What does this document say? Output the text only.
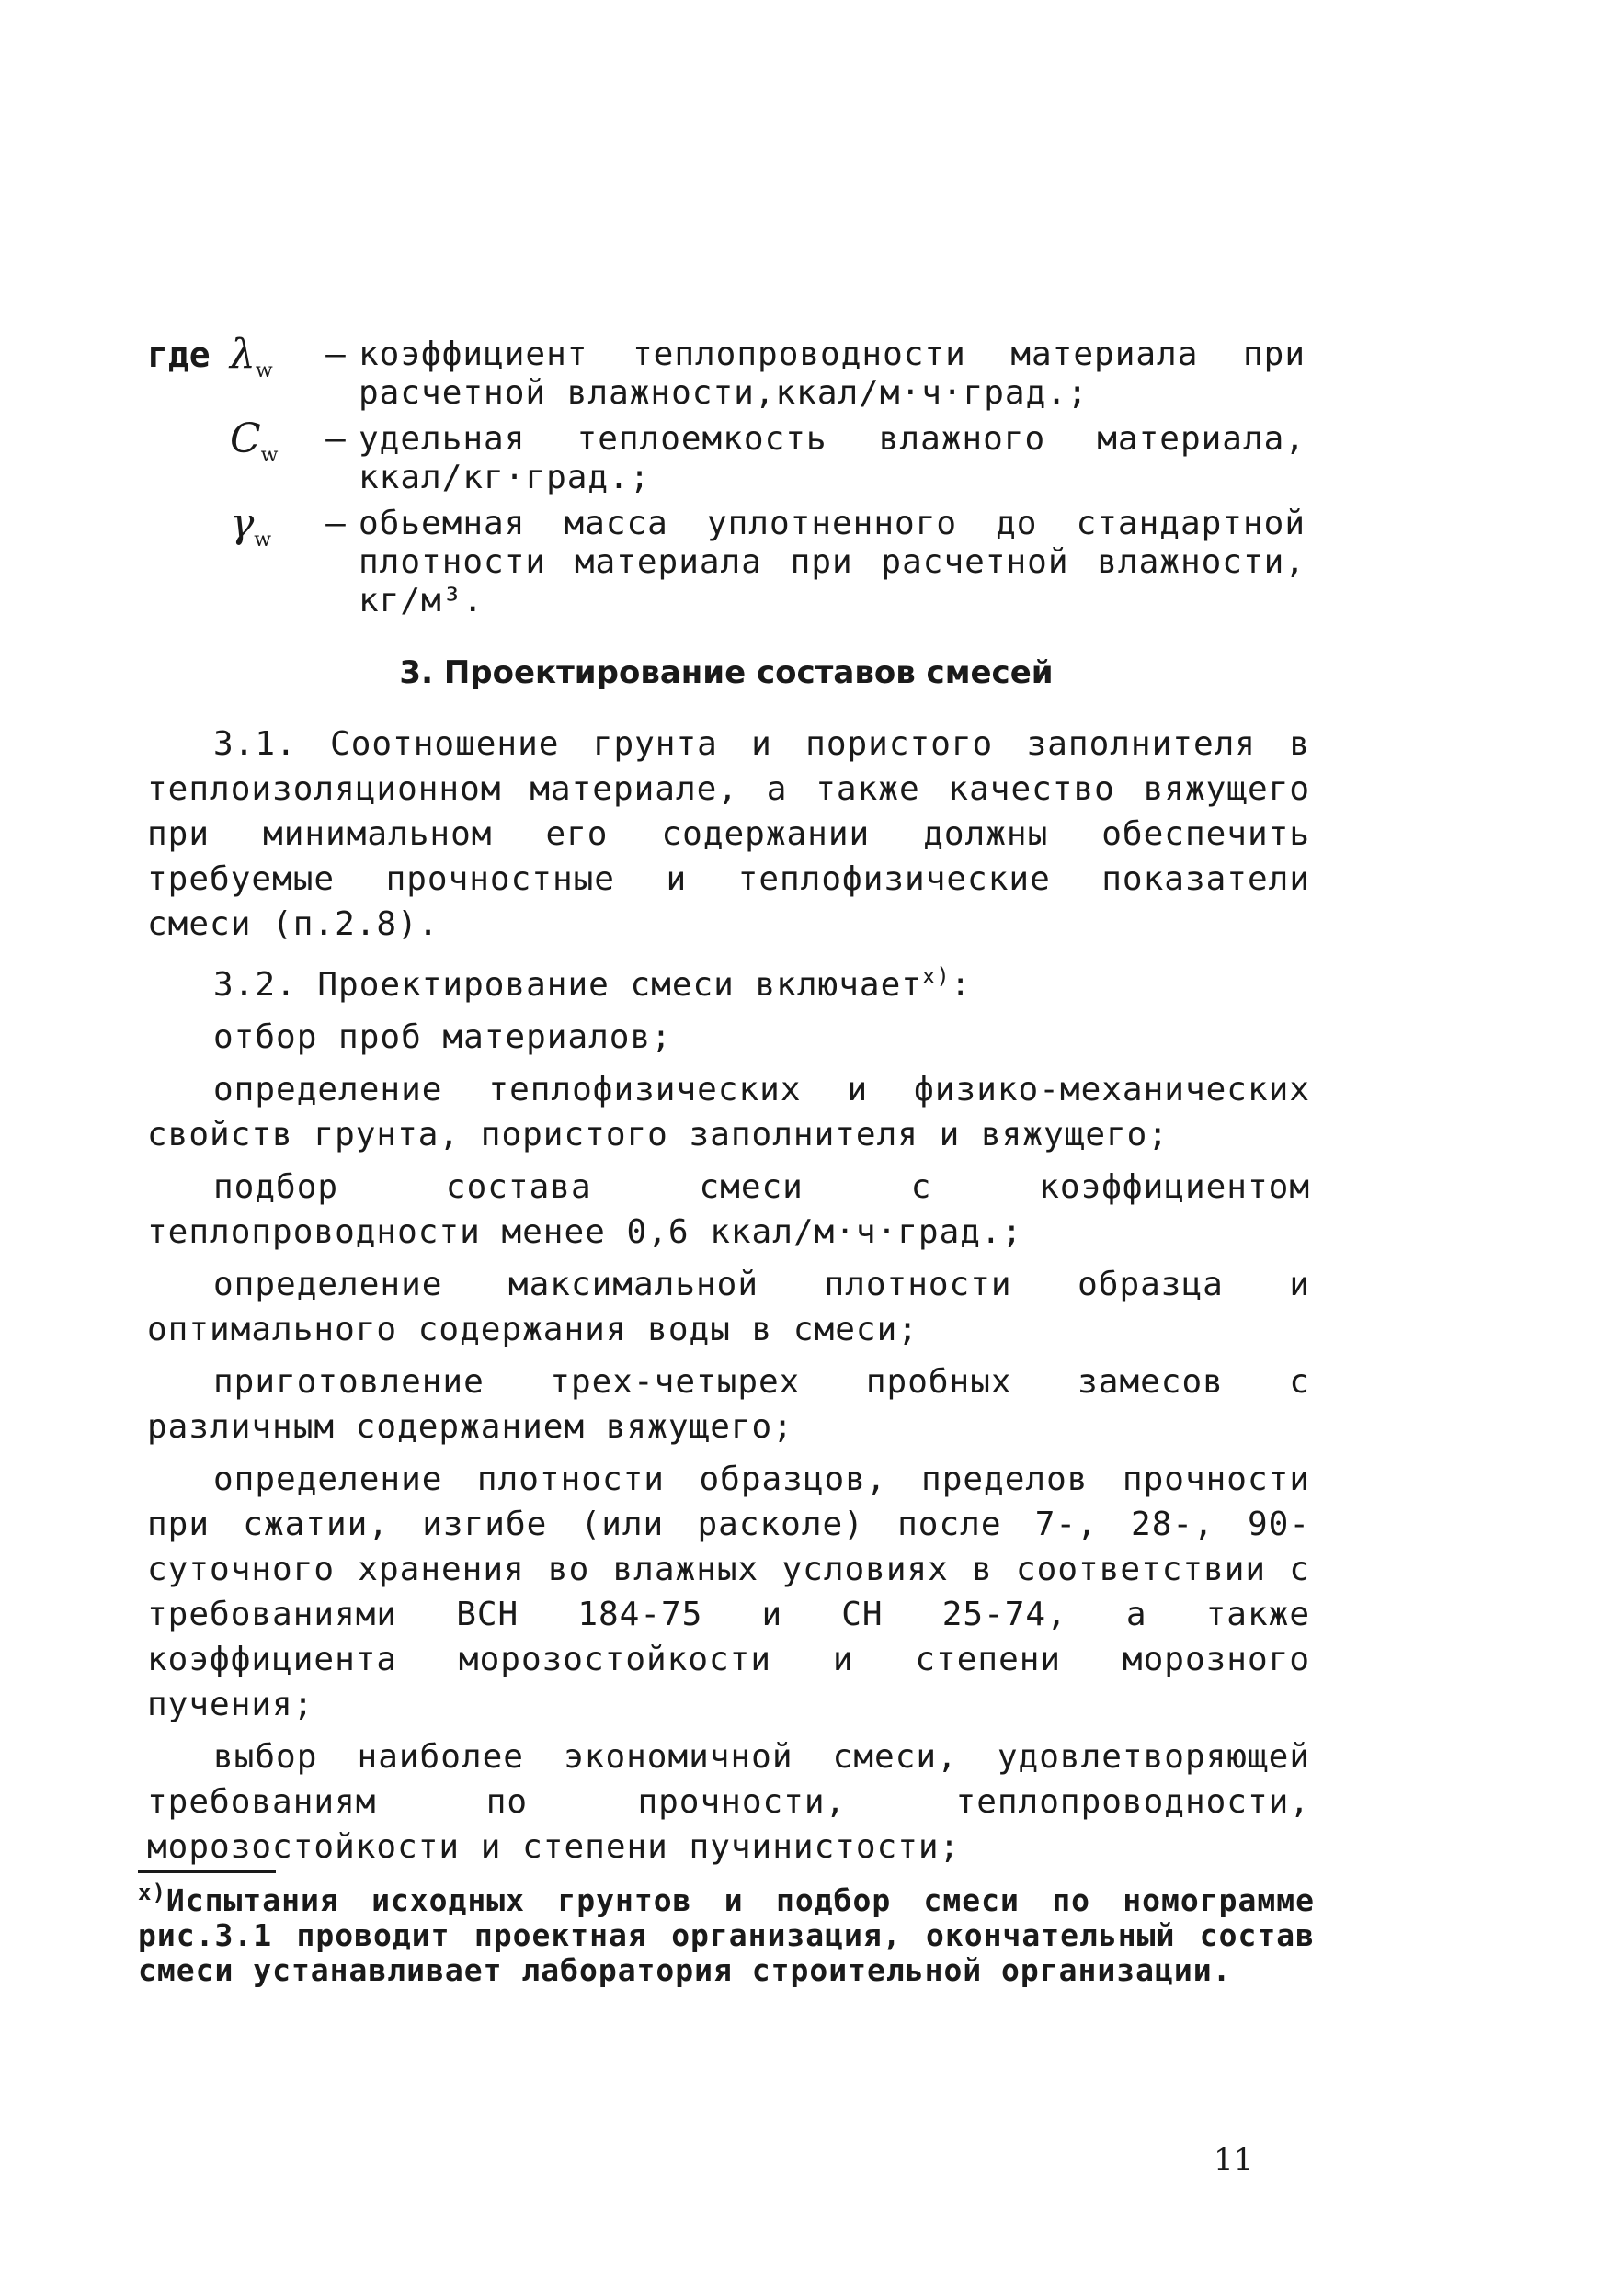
где $\lambda_w$	– коэффициент теплопроводности материала при расчетной влажности,ккал/м·ч·град.;
$C_w$	– удельная теплоемкость влажного материала, ккал/кг·град.;
$\gamma_w$	– обьемная масса уплотненного до стандартной плотности материала при расчетной влажности, кг/м³.
3. Проектирование составов смесей

3.1. Соотношение грунта и пористого заполнителя в теплоизоляционном материале, а также качество вяжущего при минимальном его содержании должны обеспечить требуемые прочностные и теплофизические показатели смеси (п.2.8).

3.2. Проектирование смеси включает$^{х)}$:

отбор проб материалов;

определение теплофизических и физико-механических свойств грунта, пористого заполнителя и вяжущего;

подбор состава смеси с коэффициентом теплопроводности менее 0,6 ккал/м·ч·град.;

определение максимальной плотности образца и оптимального содержания воды в смеси;

приготовление трех-четырех пробных замесов с различным содержанием вяжущего;

определение плотности образцов, пределов прочности при сжатии, изгибе (или расколе) после 7-, 28-, 90-суточного хранения во влажных условиях в соответствии с требованиями ВСН 184-75 и СН 25-74, а также коэффициента морозостойкости и степени морозного пучения;

выбор наиболее экономичной смеси, удовлетворяющей требованиям по прочности, теплопроводности, морозостойкости и степени пучинистости;

$^{х)}$Испытания исходных грунтов и подбор смеси по номограмме рис.3.1 проводит проектная организация, окончательный состав смеси устанавливает лаборатория строительной организации.
11
